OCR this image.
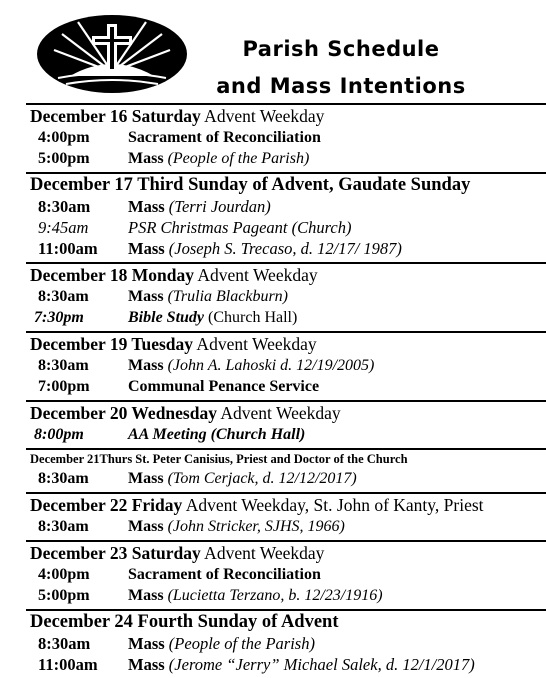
Parish Schedule
and Mass Intentions
December 16 Saturday Advent Weekday
4:00pm	Sacrament of Reconciliation
5:00pm	Mass (People of the Parish)
December 17 Third Sunday of Advent, Gaudate Sunday
8:30am	Mass (Terri Jourdan)
9:45am	PSR Christmas Pageant (Church)
11:00am	Mass (Joseph S. Trecaso, d. 12/17/ 1987)
December 18 Monday Advent Weekday
8:30am	Mass (Trulia Blackburn)
7:30pm	Bible Study (Church Hall)
December 19 Tuesday Advent Weekday
8:30am	Mass (John A. Lahoski d. 12/19/2005)
7:00pm	Communal Penance Service
December 20 Wednesday Advent Weekday
8:00pm	AA Meeting (Church Hall)
December 21Thurs St. Peter Canisius, Priest and Doctor of the Church
8:30am	Mass (Tom Cerjack, d. 12/12/2017)
December 22 Friday Advent Weekday, St. John of Kanty, Priest
8:30am	Mass (John Stricker, SJHS, 1966)
December 23 Saturday Advent Weekday
4:00pm	Sacrament of Reconciliation
5:00pm	Mass (Lucietta Terzano, b. 12/23/1916)
December 24 Fourth Sunday of Advent
8:30am	Mass (People of the Parish)
11:00am	Mass (Jerome “Jerry” Michael Salek, d. 12/1/2017)
